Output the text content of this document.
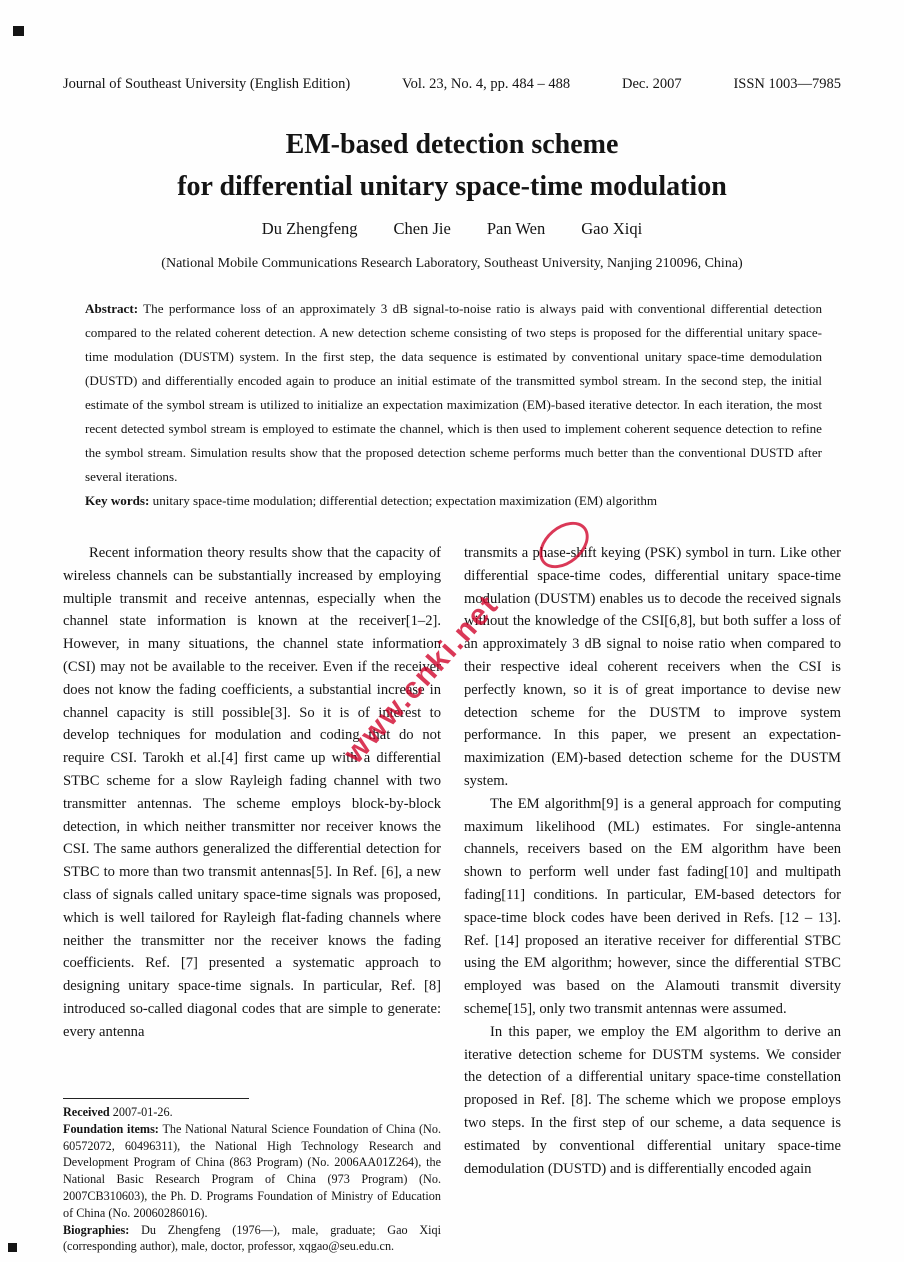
Journal of Southeast University (English Edition)	Vol. 23, No. 4, pp. 484 – 488	Dec. 2007	ISSN 1003—7985
EM-based detection scheme
for differential unitary space-time modulation
Du Zhengfeng Chen Jie Pan Wen Gao Xiqi
(National Mobile Communications Research Laboratory, Southeast University, Nanjing 210096, China)

Abstract: The performance loss of an approximately 3 dB signal-to-noise ratio is always paid with conventional differential detection compared to the related coherent detection. A new detection scheme consisting of two steps is proposed for the differential unitary space-time modulation (DUSTM) system. In the first step, the data sequence is estimated by conventional unitary space-time demodulation (DUSTD) and differentially encoded again to produce an initial estimate of the transmitted symbol stream. In the second step, the initial estimate of the symbol stream is utilized to initialize an expectation maximization (EM)-based iterative detector. In each iteration, the most recent detected symbol stream is employed to estimate the channel, which is then used to implement coherent sequence detection to refine the symbol stream. Simulation results show that the proposed detection scheme performs much better than the conventional DUSTD after several iterations.

Key words: unitary space-time modulation; differential detection; expectation maximization (EM) algorithm

Recent information theory results show that the capacity of wireless channels can be substantially increased by employing multiple transmit and receive antennas, especially when the channel state information is known at the receiver[1–2]. However, in many situations, the channel state information (CSI) may not be available to the receiver. Even if the receiver does not know the fading coefficients, a substantial increase in channel capacity is still possible[3]. So it is of interest to develop techniques for modulation and coding that do not require CSI. Tarokh et al.[4] first came up with a differential STBC scheme for a slow Rayleigh fading channel with two transmitter antennas. The scheme employs block-by-block detection, in which neither transmitter nor receiver knows the CSI. The same authors generalized the differential detection for STBC to more than two transmit antennas[5]. In Ref. [6], a new class of signals called unitary space-time signals was proposed, which is well tailored for Rayleigh flat-fading channels where neither the transmitter nor the receiver knows the fading coefficients. Ref. [7] presented a systematic approach to designing unitary space-time signals. In particular, Ref. [8] introduced so-called diagonal codes that are simple to generate: every antenna

transmits a phase-shift keying (PSK) symbol in turn. Like other differential space-time codes, differential unitary space-time modulation (DUSTM) enables us to decode the received signals without the knowledge of the CSI[6,8], but both suffer a loss of an approximately 3 dB signal to noise ratio when compared to their respective ideal coherent receivers when the CSI is perfectly known, so it is of great importance to devise new detection scheme for the DUSTM to improve system performance. In this paper, we present an expectation-maximization (EM)-based detection scheme for the DUSTM system.

The EM algorithm[9] is a general approach for computing maximum likelihood (ML) estimates. For single-antenna channels, receivers based on the EM algorithm have been shown to perform well under fast fading[10] and multipath fading[11] conditions. In particular, EM-based detectors for space-time block codes have been derived in Refs. [12 – 13]. Ref. [14] proposed an iterative receiver for differential STBC using the EM algorithm; however, since the differential STBC employed was based on the Alamouti transmit diversity scheme[15], only two transmit antennas were assumed.

In this paper, we employ the EM algorithm to derive an iterative detection scheme for DUSTM systems. We consider the detection of a differential unitary space-time constellation proposed in Ref. [8]. The scheme which we propose employs two steps. In the first step of our scheme, a data sequence is estimated by conventional differential unitary space-time demodulation (DUSTD) and is differentially encoded again

Received 2007-01-26.

Foundation items: The National Natural Science Foundation of China (No. 60572072, 60496311), the National High Technology Research and Development Program of China (863 Program) (No. 2006AA01Z264), the National Basic Research Program of China (973 Program) (No. 2007CB310603), the Ph. D. Programs Foundation of Ministry of Education of China (No. 20060286016).

Biographies: Du Zhengfeng (1976—), male, graduate; Gao Xiqi (corresponding author), male, doctor, professor, xqgao@seu.edu.cn.

www.cnki.net
